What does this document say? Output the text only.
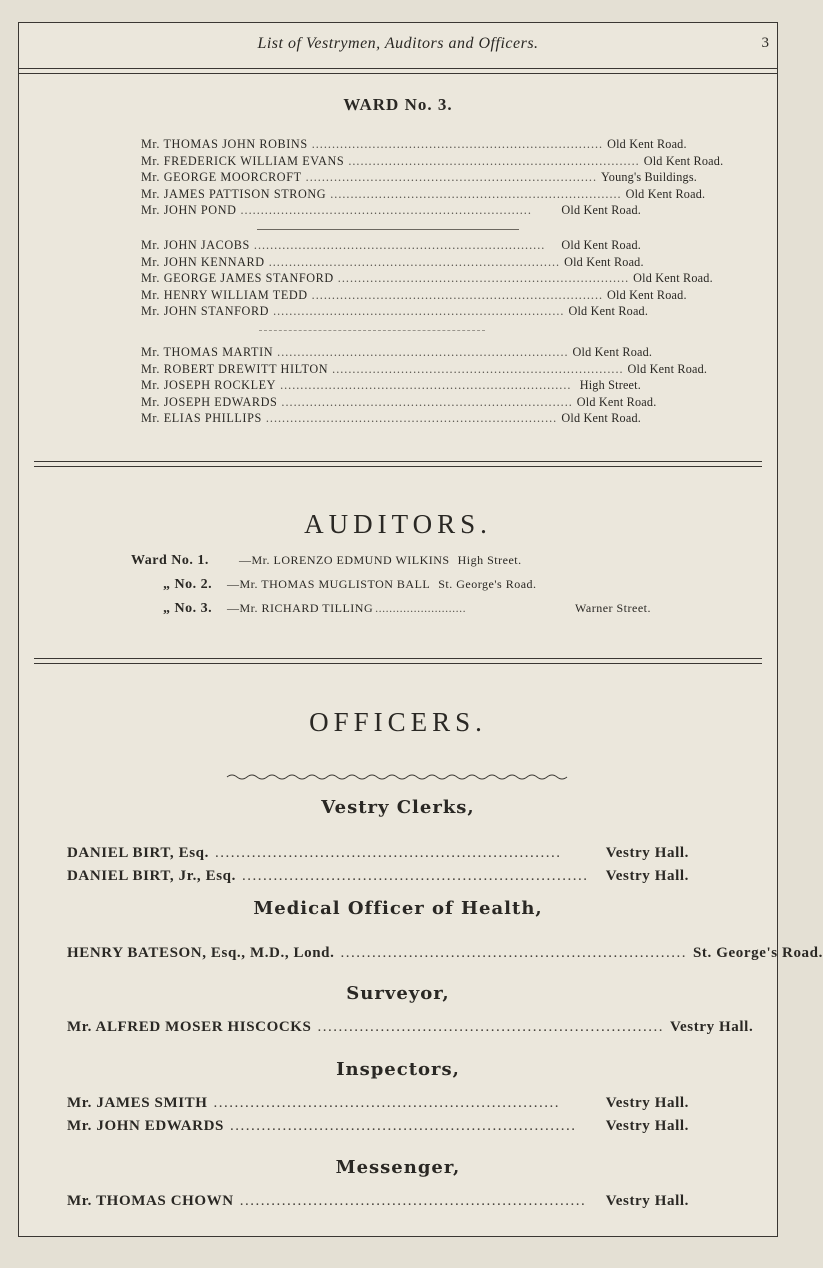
List of Vestrymen, Auditors and Officers.	3
WARD No. 3.
Mr. THOMAS JOHN ROBINS ........................................................................ Old Kent Road.
Mr. FREDERICK WILLIAM EVANS ........................................................................ Old Kent Road.
Mr. GEORGE MOORCROFT ........................................................................ Young's Buildings.
Mr. JAMES PATTISON STRONG ........................................................................ Old Kent Road.
Mr. JOHN POND ........................................................................	Old Kent Road.
Mr. JOHN JACOBS ........................................................................	Old Kent Road.
Mr. JOHN KENNARD ........................................................................ Old Kent Road.
Mr. GEORGE JAMES STANFORD ........................................................................ Old Kent Road.
Mr. HENRY WILLIAM TEDD ........................................................................ Old Kent Road.
Mr. JOHN STANFORD ........................................................................ Old Kent Road.
Mr. THOMAS MARTIN ........................................................................ Old Kent Road.
Mr. ROBERT DREWITT HILTON ........................................................................ Old Kent Road.
Mr. JOSEPH ROCKLEY ........................................................................ High Street.
Mr. JOSEPH EDWARDS ........................................................................ Old Kent Road.
Mr. ELIAS PHILLIPS ........................................................................ Old Kent Road.
AUDITORS.
Ward No. 1.	—Mr. LORENZO EDMUND WILKINS High Street.
„ No. 2.	—Mr. THOMAS MUGLISTON BALL St. George's Road.
„ No. 3.	—Mr. RICHARD TILLING ..........................	Warner Street.
OFFICERS.
Vestry Clerks,
DANIEL BIRT, Esq. ..................................................................	Vestry Hall.
DANIEL BIRT, Jr., Esq. ..................................................................	Vestry Hall.
Medical Officer of Health,
HENRY BATESON, Esq., M.D., Lond. .................................................................. St. George's Road.
Surveyor,
Mr. ALFRED MOSER HISCOCKS .................................................................. Vestry Hall.
Inspectors,
Mr. JAMES SMITH ..................................................................	Vestry Hall.
Mr. JOHN EDWARDS ..................................................................	Vestry Hall.
Messenger,
Mr. THOMAS CHOWN ..................................................................	Vestry Hall.
